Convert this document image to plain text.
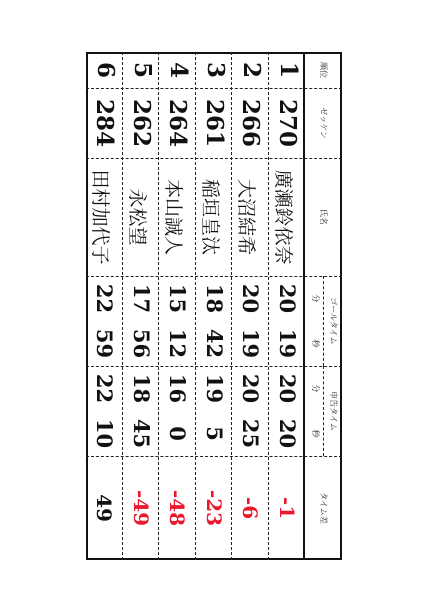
順位
ゼッケン
氏名
ゴールタイム
分
秒
申告タイム
分
秒
タイム差
1
270
廣瀬鈴依奈
20
19
20
20
-1
2
266
大沼結希
20
19
20
25
-6
3
261
稲垣皇汰
18
42
19
5
-23
4
264
本山誠人
15
12
16
0
-48
5
262
永松望
17
56
18
45
-49
6
284
田村加代子
22
59
22
10
49
